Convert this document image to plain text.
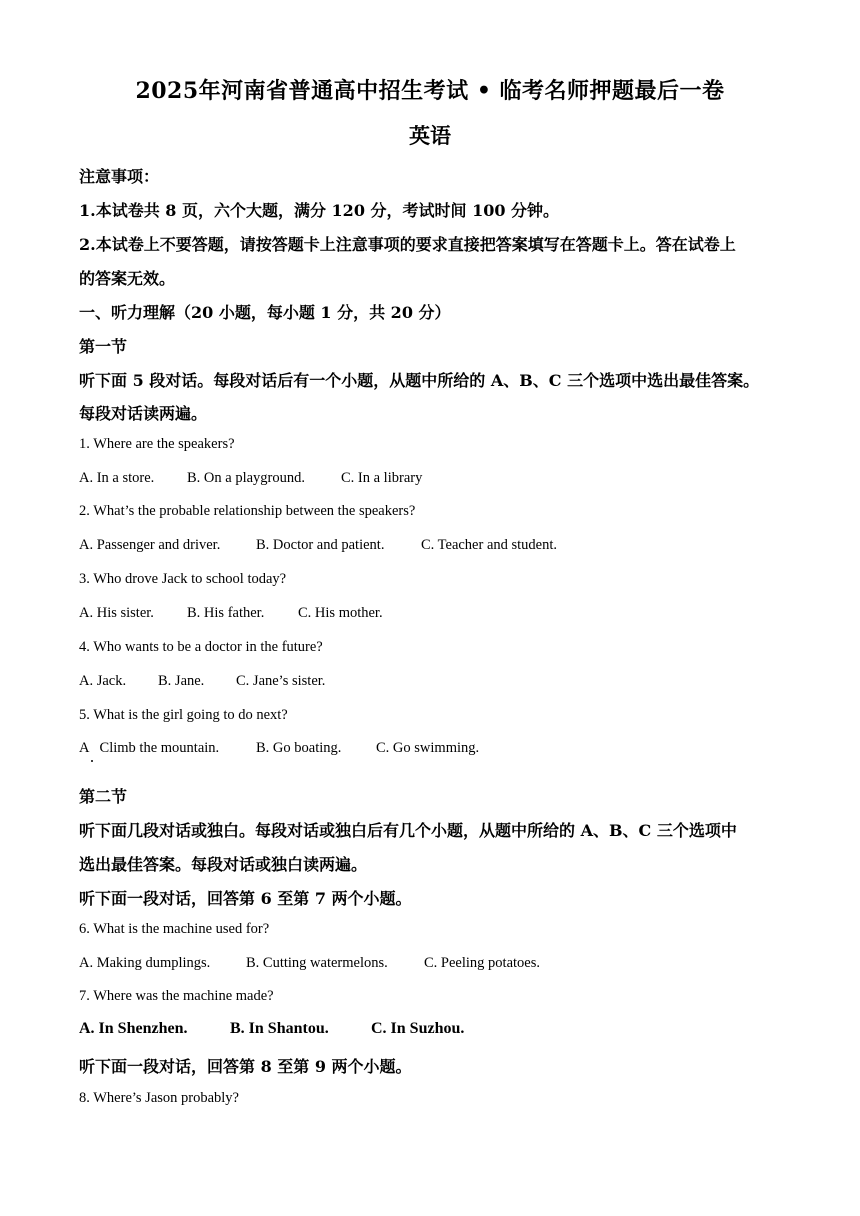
2025年河南省普通高中招生考试 • 临考名师押题最后一卷
英语
注意事项：
1.本试卷共 8 页，六个大题，满分 120 分，考试时间 100 分钟。
2.本试卷上不要答题，请按答题卡上注意事项的要求直接把答案填写在答题卡上。答在试卷上
的答案无效。
一、听力理解（20 小题，每小题 1 分，共 20 分）
第一节
听下面 5 段对话。每段对话后有一个小题，从题中所给的 A、B、C 三个选项中选出最佳答案。
每段对话读两遍。
1. Where are the speakers?
A. In a store. B. On a playground. C. In a library
2. What’s the probable relationship between the speakers?
A. Passenger and driver. B. Doctor and patient.	C. Teacher and student.
3. Who drove Jack to school today?
A. His sister. B. His father. C. His mother.
4. Who wants to be a doctor in the future?
A. Jack. B. Jane. C. Jane’s sister.
5. What is the girl going to do next?
A   Climb the mountain.	B. Go boating. C. Go swimming.
第二节
听下面几段对话或独白。每段对话或独白后有几个小题，从题中所给的 A、B、C 三个选项中
选出最佳答案。每段对话或独白读两遍。
听下面一段对话，回答第 6 至第 7 两个小题。
6. What is the machine used for?
A. Making dumplings. B. Cutting watermelons. C. Peeling potatoes.
7. Where was the machine made?
A. In Shenzhen.	B. In Shantou.	C. In Suzhou.
听下面一段对话，回答第 8 至第 9 两个小题。
8. Where’s Jason probably?
